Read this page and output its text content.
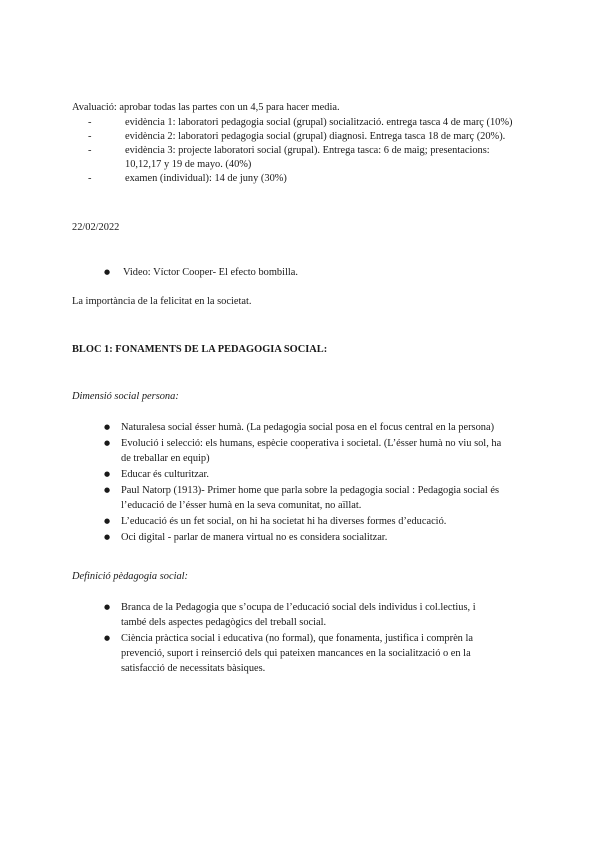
Avaluació: aprobar todas las partes con un 4,5 para hacer media.
evidència 1: laboratori pedagogia social (grupal) socialització. entrega tasca 4 de març (10%)
evidència 2: laboratori pedagogia social (grupal) diagnosi. Entrega tasca 18 de març (20%).
evidència 3: projecte laboratori social (grupal). Entrega tasca: 6 de maig; presentacions:
10,12,17 y 19 de mayo. (40%)
examen (individual): 14 de juny (30%)
22/02/2022
●
Video: Víctor Cooper- El efecto bombilla.
La importància de la felicitat en la societat.
BLOC 1: FONAMENTS DE LA PEDAGOGIA SOCIAL:
Dimensió social persona:
●
Naturalesa social ésser humà. (La pedagogia social posa en el focus central en la persona)
●
Evolució i selecció: els humans, espècie cooperativa i societal. (L’ésser humà no viu sol, ha
de treballar en equip)
●
Educar és culturitzar.
●
Paul Natorp (1913)- Primer home que parla sobre la pedagogia social : Pedagogia social és
l’educació de l’ésser humà en la seva comunitat, no aïllat.
●
L’educació és un fet social, on hi ha societat hi ha diverses formes d’educació.
●
Oci digital - parlar de manera virtual no es considera socialitzar.
Definició pèdagogia social:
●
Branca de la Pedagogia que s’ocupa de l’educació social dels individus i col.lectius, i
també dels aspectes pedagògics del treball social.
●
Ciència pràctica social i educativa (no formal), que fonamenta, justifica i comprèn la
prevenció, suport i reinserció dels qui pateixen mancances en la socialització o en la
satisfacció de necessitats bàsiques.
